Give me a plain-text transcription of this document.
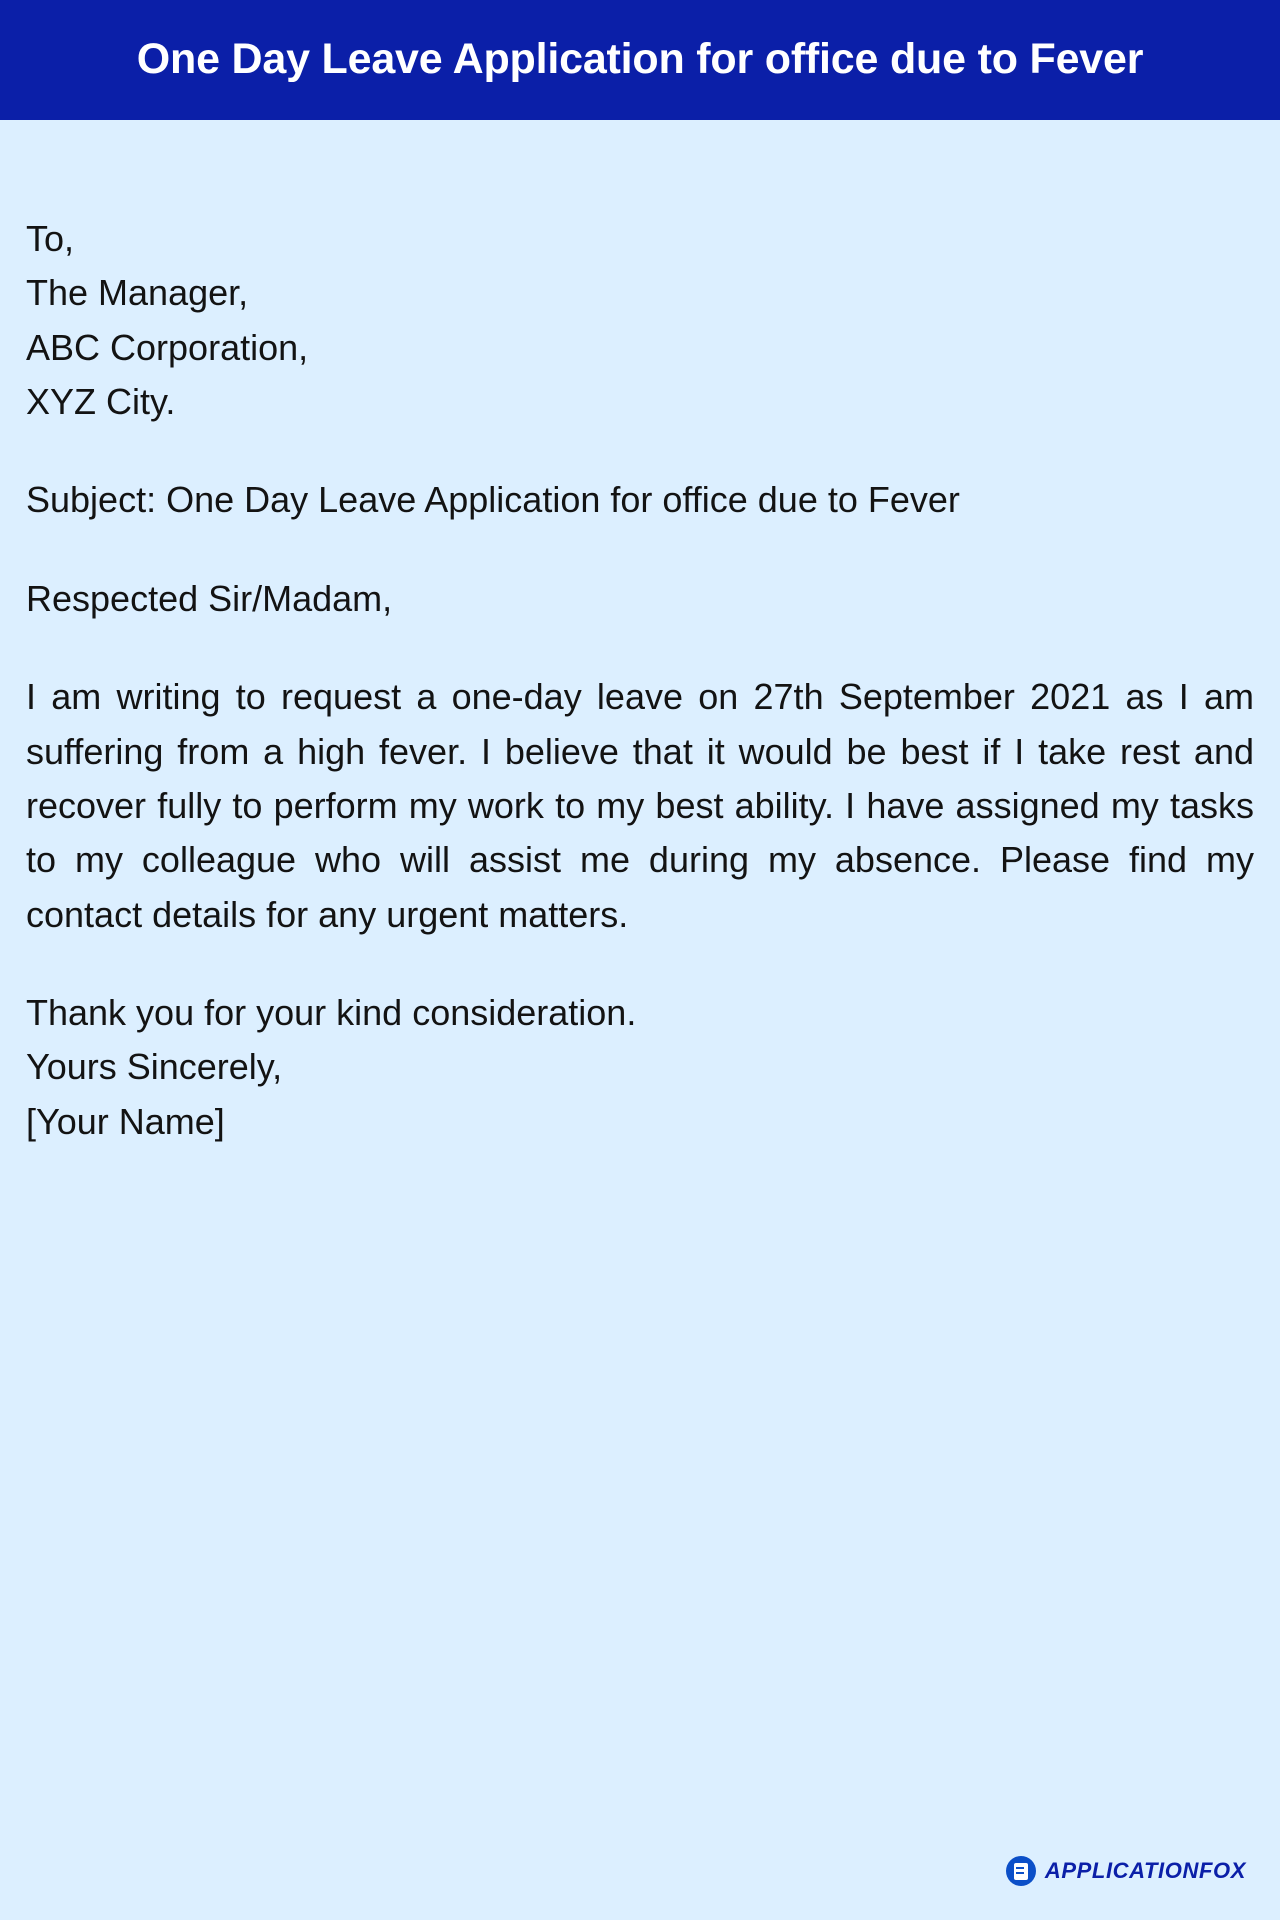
One Day Leave Application for office due to Fever
To,
The Manager,
ABC Corporation,
XYZ City.
Subject: One Day Leave Application for office due to Fever
Respected Sir/Madam,
I am writing to request a one-day leave on 27th September 2021 as I am suffering from a high fever. I believe that it would be best if I take rest and recover fully to perform my work to my best ability. I have assigned my tasks to my colleague who will assist me during my absence. Please find my contact details for any urgent matters.
Thank you for your kind consideration.
Yours Sincerely,
[Your Name]
APPLICATIONFOX
